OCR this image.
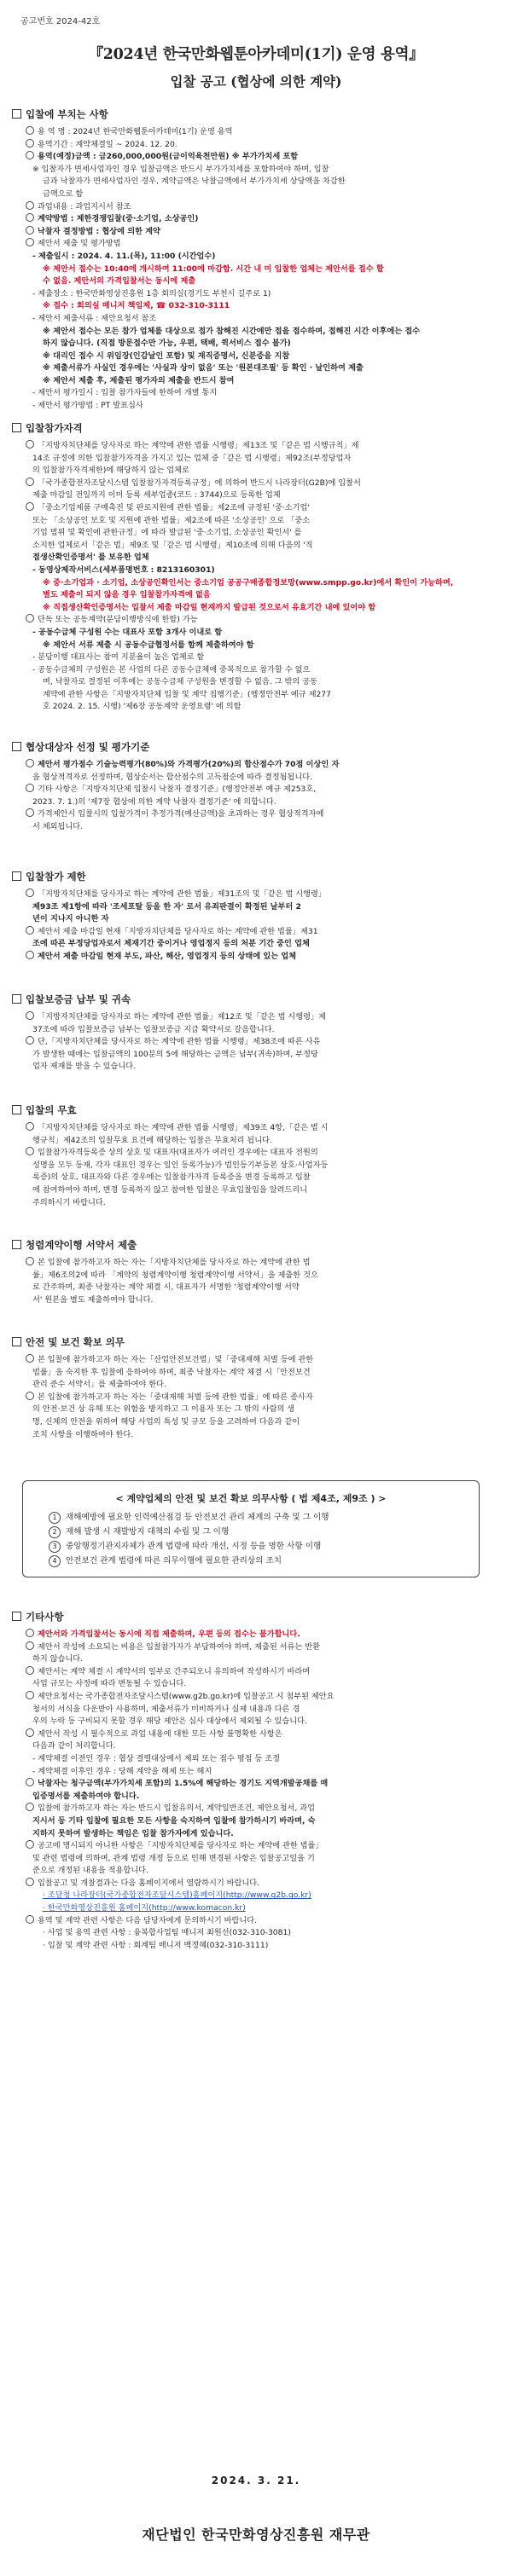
공고번호 2024-42호
『2024년 한국만화웹툰아카데미(1기) 운영 용역』
입찰 공고 (협상에 의한 계약)
입찰에 부치는 사항
용 역 명 : 2024년 한국만화웹툰아카데미(1기) 운영 용역
용역기간 : 계약체결일 ~ 2024. 12. 20.
용역(예정)금액 : 금260,000,000원(금이억육천만원) ※ 부가가치세 포함
※ 입찰자가 면세사업자인 경우 입찰금액은 반드시 부가가치세를 포함하여야 하며, 입찰
금과 낙찰자가 면세사업자인 경우, 계약금액은 낙찰금액에서 부가가치세 상당액을 차감한
금액으로 함
과업내용 : 과업지시서 참조
계약방법 : 제한경쟁입찰(중·소기업, 소상공인)
낙찰자 결정방법 : 협상에 의한 계약
제안서 제출 및 평가방법
- 제출일시 : 2024. 4. 11.(목), 11:00 (시간엄수)
※ 제안서 접수는 10:40에 개시하여 11:00에 마감함. 시간 내 미 입찰한 업체는 제안서를 접수 할
수 없음. 제안서의 가격입찰서는 동시에 제출
- 제출장소 : 한국만화영상진흥원 1층 회의실(경기도 부천시 길주로 1)
※ 접수 : 회의실 매니저 책임제, ☎ 032-310-3111
- 제안서 제출서류 : 제안요청서 참조
※ 제안서 접수는 모든 참가 업체를 대상으로 접가 참해진 시간에만 접을 접수하며, 접해진 시간 이후에는 접수
하지 않습니다. (직접 방문접수만 가능, 우편, 택배, 퀵서비스 접수 불가)
※ 대리인 접수 시 위임장(인감날인 포함) 및 재직증명서, 신분증을 지참
※ 제출서류가 사실인 경우에는 '사실과 상이 없음' 또는 '원본대조필' 등 확인 · 날인하여 제출
※ 제안서 제출 후, 제출된 평가자의 제출을 반드시 참여
- 제안서 평가일시 : 입찰 참가자들에 한하여 개별 통지
- 제안서 평가방법 : PT 발표심사
입찰참가자격
「지방자치단체를 당사자로 하는 계약에 관한 법률 시행령」제13조 및「같은 법 시행규칙」제
14조 규정에 의한 입찰참가자격을 가지고 있는 업체 중「같은 법 시행령」제92조(부정당업자
의 입찰참가자격제한)에 해당하지 않는 업체로
「국가종합전자조달시스템 입찰참가자격등록규정」에 의하여 반드시 나라장터(G2B)에 입찰서
제출 마감일 전일까지 이미 등록 세부업종(코드 : 3744)으로 등록한 업체
「중소기업제품 구매촉진 및 판로지원에 관한 법률」제2조에 규정된 '중·소기업'
또는 「소상공인 보호 및 지원에 관한 법률」제2조에 따른 '소상공인' 으로 「중소
기업 범위 및 확인에 관한규정」에 따라 발급된 '중·소기업, 소상공인 확인서' 를
소지한 업체로서「같은 법」제9조 및「같은 법 시행령」제10조에 의해 다음의 '직
접생산확인증명서' 를 보유한 업체
- 동영상제작서비스(세부품명번호 : 8213160301)
※ 중·소기업과 · 소기업, 소상공인확인서는 중소기업 공공구매종합정보망(www.smpp.go.kr)에서 확인이 가능하며,
별도 제출이 되지 않을 경우 입찰참가자격에 없음
※ 직접생산확인증명서는 입찰서 제출 마감일 현재까지 발급된 것으로서 유효기간 내에 있어야 함
단독 또는 공동계약(분담이행방식에 한함) 가능
- 공동수급체 구성원 수는 대표사 포함 3개사 이내로 함
※ 제안서 서류 제출 시 공동수급협정서를 함께 제출하여야 함
- 분담이행 대표사는 참여 지분율이 높은 업체로 함
- 공동수급체의 구성원은 본 사업의 다른 공동수급체에 중복적으로 참가할 수 없으
며, 낙찰자로 결정된 이후에는 공동수급체 구성원을 변경할 수 없음. 그 밖의 공동
계약에 관한 사항은「지방자치단체 입찰 및 계약 집행기준」(행정안전부 예규 제277
호 2024. 2. 15. 시행) '제6장 공동계약 운영요령' 에 의함
협상대상자 선정 및 평가기준
제안서 평가점수 기술능력평가(80%)와 가격평가(20%)의 합산점수가 70점 이상인 자
을 협상적격자로 선정하며, 협상순서는 합산점수의 고득점순에 따라 결정됨됩니다.
기타 사항은「지방자치단체 입찰시 낙찰자 결정기준」(행정안전부 예규 제253호,
2023. 7. 1.)의 '제7장 협상에 의한 계약 낙찰자 결정기준' 에 의합니다.
가격제안시 입찰시의 입찰가격이 추정가격(예산금액)을 초과하는 경우 협상적격자에
서 제외됩니다.
입찰참가 제한
「지방자치단체를 당사자로 하는 계약에 관한 법률」제31조의 및「같은 법 시행령」
제93조 제1항에 따라 '조세포탈 등을 한 자' 로서 유죄판결이 확정된 날부터 2
년이 지나지 아니한 자
제안서 제출 마감일 현재「지방자치단체를 당사자로 하는 계약에 관한 법률」제31
조에 따른 부정당업자로서 제재기간 중이거나 영업정지 등의 처분 기간 중인 업체
제안서 제출 마감일 현재 부도, 파산, 해산, 영업정지 등의 상태에 있는 업체
입찰보증금 납부 및 귀속
「지방자치단체를 당사자로 하는 계약에 관한 법률」제12조 및「같은 법 시행령」제
37조에 따라 입찰보증금 납부는 입찰보증금 지급 확약서로 갈음합니다.
단,「지방자치단체를 당사자로 하는 계약에 관한 법률 시행령」제38조에 따른 사유
가 발생한 때에는 입찰금액의 100분의 5에 해당하는 금액은 납부(귀속)하며, 부정당
업자 제재를 받을 수 있습니다.
입찰의 무효
「지방자치단체를 당사자로 하는 계약에 관한 법률 시행령」제39조 4항,「같은 법 시
행규칙」제42조의 입찰무효 요건에 해당하는 입찰은 무효처리 됩니다.
입찰참가자격등록증 상의 상호 및 대표자(대표자가 여러인 경우에는 대표자 전원의
성명을 모두 등재, 각자 대표인 경우는 일인 등록가능)가 법인등기부등본 상호·사업자등
록증)의 상호, 대표자와 다른 경우에는 입찰참가자격 등록증을 변경 등록하고 입찰
에 참여하여야 하며, 변경 등록하지 않고 참여한 입찰은 무효입찰임을 알려드리니
주의하시기 바랍니다.
청렴계약이행 서약서 제출
본 입찰에 참가하고자 하는 자는「지방자치단체를 당사자로 하는 계약에 관한 법
률」제6조의2에 따라 「계약의 청렴계약이행 청렴계약이행 서약서」을 제출한 것으
로 간주하며, 최종 낙찰자는 계약 체결 시, 대표자가 서명한 '청렴계약이행 서약
서' 원본을 별도 제출하여야 합니다.
안전 및 보건 확보 의무
본 입찰에 참가하고자 하는 자는「산업안전보건법」및「중대재해 처벌 등에 관한
법률」을 숙지한 후 입찰에 응하여야 하며, 최종 낙찰자는 계약 체결 시「안전보건
관리 준수 서약서」를 제출하여야 한다.
본 입찰에 참가하고자 하는 자는「중대재해 처벌 등에 관한 법률」에 따른 종사자
의 안전·보건 상 유해 또는 위험을 방지하고 그 이용자 또는 그 밖의 사람의 생
명, 신체의 안전을 위하여 해당 사업의 특성 및 규모 등을 고려하여 다음과 같이
조치 사항을 이행하여야 한다.
< 계약업체의 안전 및 보건 확보 의무사항 ( 법 제4조, 제9조 ) >
1 재해예방에 필요한 인력예산점검 등 안전보건 관리 체계의 구축 및 그 이행
2 재해 발생 시 재발방지 대책의 수립 및 그 이행
3 중앙행정기관지자체가 관계 법령에 따라 개선, 시정 등을 명한 사항 이행
4 안전보건 관계 법령에 따른 의무이행에 필요한 관리상의 조치
기타사항
제안서와 가격입찰서는 동시에 직접 제출하며, 우편 등의 접수는 불가합니다.
제안서 작성에 소요되는 비용은 입찰참가자가 부담하여야 하며, 제출된 서류는 반환
하지 않습니다.
제안서는 계약 체결 시 계약서의 일부로 간주되오니 유의하여 작성하시기 바라며
사업 규모는 사정에 따라 변동될 수 있습니다.
제안요청서는 국가종합전자조달시스템(www.g2b.go.kr)에 입찰공고 시 첨부된 제안요
청서의 서식을 다운받아 사용하며, 제출서류가 미비하거나 실제 내용과 다른 경
우의 누락 등 구비되지 못할 경우 해당 제안은 심사 대상에서 제외될 수 있습니다.
제안서 작성 시 필수적으로 과업 내용에 대한 모든 사항 불명확한 사항은
다음과 같이 처리합니다.
- 계약체결 이전인 경우 : 협상 결렬대상에서 제외 또는 점수 평점 등 조정
- 계약체결 이후인 경우 : 당해 계약을 해제 또는 해지
낙찰자는 청구금액(부가가치세 포함)의 1.5%에 해당하는 경기도 지역개발공채를 매
입증명서를 제출하여야 합니다.
입찰에 참가하고자 하는 자는 반드시 입찰유의서, 계약일반조건, 제안요청서, 과업
지시서 등 기타 입찰에 필요한 모든 사항을 숙지하여 입찰에 참가하시기 바라며, 숙
지하지 못하여 발생하는 책임은 입찰 참가자에게 있습니다.
공고에 명시되지 아니한 사항은「지방자치단체를 당사자로 하는 계약에 관한 법률」
및 관련 법령에 의하며, 관계 법령 개정 등으로 인해 변경된 사항은 입찰공고일을 기
준으로 개정된 내용을 적용합니다.
입찰공고 및 개찰결과는 다음 홈페이지에서 열람하시기 바랍니다.
· 조달청 나라장터(국가종합전자조달시스템)홈페이지(http://www.g2b.go.kr)
· 한국만화영상진흥원 홈페이지(http://www.komacon.kr)
용역 및 계약 관련 사항은 다음 담당자에게 문의하시기 바랍니다.
· 사업 및 용역 관련 사항 : 융복합사업팀 매니저 최원선(032-310-3081)
· 입찰 및 계약 관련 사항 : 회계팀 매니저 백정혜(032-310-3111)
2024. 3. 21.
재단법인 한국만화영상진흥원 재무관
